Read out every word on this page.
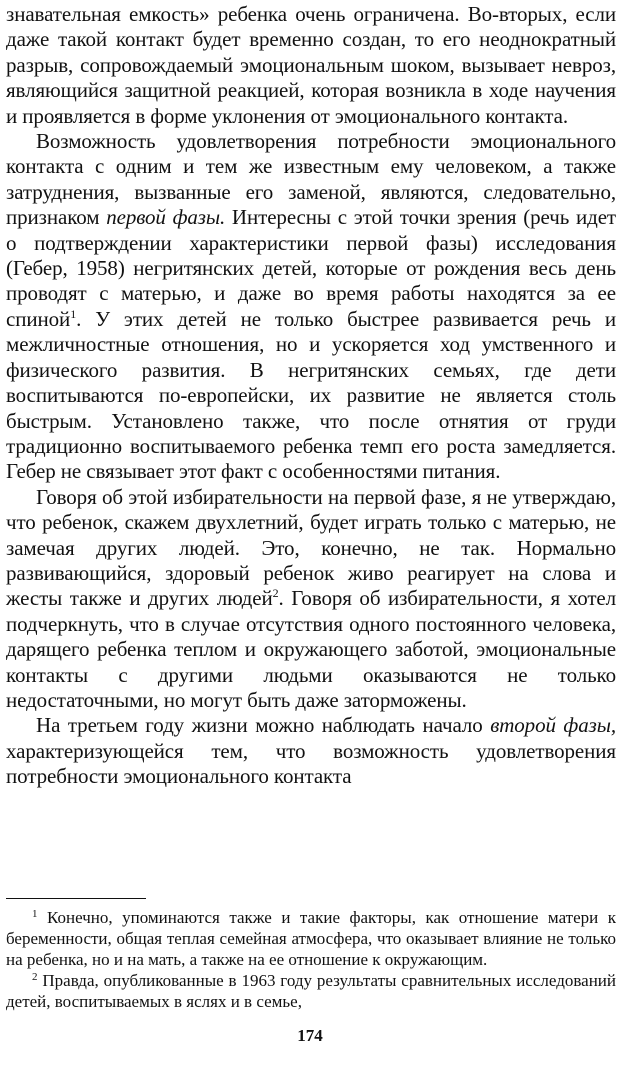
знавательная емкость» ребенка очень ограничена. Во-вторых, если даже такой контакт будет временно создан, то его неоднократный разрыв, сопровождаемый эмоциональным шоком, вызывает невроз, являющийся защитной реакцией, которая возникла в ходе научения и проявляется в форме уклонения от эмоционального контакта.

Возможность удовлетворения потребности эмоционального контакта с одним и тем же известным ему человеком, а также затруднения, вызванные его заменой, являются, следовательно, признаком первой фазы. Интересны с этой точки зрения (речь идет о подтверждении характеристики первой фазы) исследования (Гебер, 1958) негритянских детей, которые от рождения весь день проводят с матерью, и даже во время работы находятся за ее спиной$^1$. У этих детей не только быстрее развивается речь и межличностные отношения, но и ускоряется ход умственного и физического развития. В негритянских семьях, где дети воспитываются по-европейски, их развитие не является столь быстрым. Установлено также, что после отнятия от груди традиционно воспитываемого ребенка темп его роста замедляется. Гебер не связывает этот факт с особенностями питания.

Говоря об этой избирательности на первой фазе, я не утверждаю, что ребенок, скажем двухлетний, будет играть только с матерью, не замечая других людей. Это, конечно, не так. Нормально развивающийся, здоровый ребенок живо реагирует на слова и жесты также и других людей$^2$. Говоря об избирательности, я хотел подчеркнуть, что в случае отсутствия одного постоянного человека, дарящего ребенка теплом и окружающего заботой, эмоциональные контакты с другими людьми оказываются не только недостаточными, но могут быть даже заторможены.

На третьем году жизни можно наблюдать начало второй фазы, характеризующейся тем, что возможность удовлетворения потребности эмоционального контакта

$^1$ Конечно, упоминаются также и такие факторы, как отношение матери к беременности, общая теплая семейная атмосфера, что оказывает влияние не только на ребенка, но и на мать, а также на ее отношение к окружающим.

$^2$ Правда, опубликованные в 1963 году результаты сравнительных исследований детей, воспитываемых в яслях и в семье,

174
